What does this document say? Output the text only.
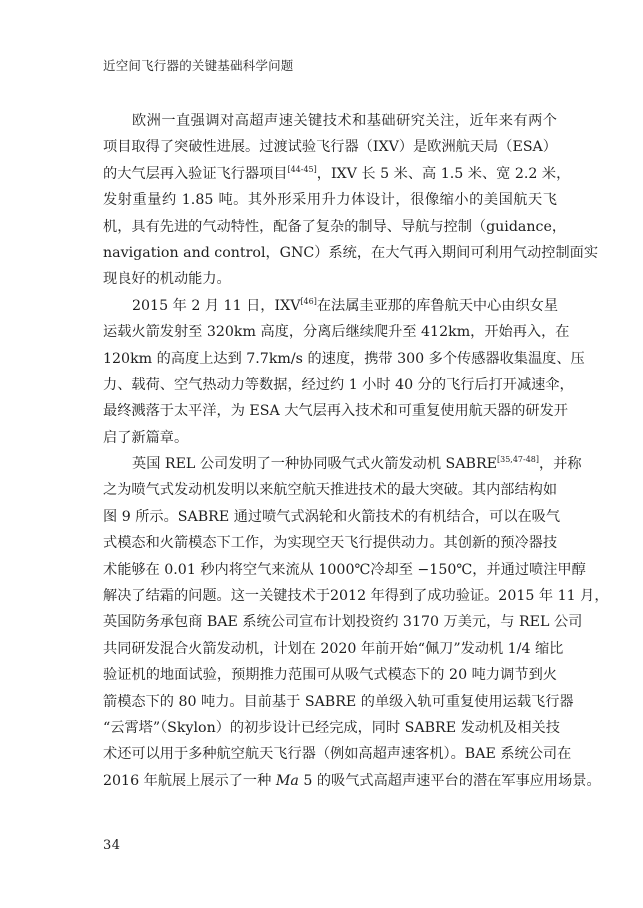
近空间飞行器的关键基础科学问题
欧洲一直强调对高超声速关键技术和基础研究关注，近年来有两个
项目取得了突破性进展。过渡试验飞行器（IXV）是欧洲航天局（ESA）
的大气层再入验证飞行器项目[44-45]，IXV 长 5 米、高 1.5 米、宽 2.2 米，
发射重量约 1.85 吨。其外形采用升力体设计，很像缩小的美国航天飞
机，具有先进的气动特性，配备了复杂的制导、导航与控制（guidance，
navigation and control，GNC）系统，在大气再入期间可利用气动控制面实
现良好的机动能力。
2015 年 2 月 11 日，IXV[46]在法属圭亚那的库鲁航天中心由织女星
运载火箭发射至 320km 高度，分离后继续爬升至 412km，开始再入，在
120km 的高度上达到 7.7km/s 的速度，携带 300 多个传感器收集温度、压
力、载荷、空气热动力等数据，经过约 1 小时 40 分的飞行后打开减速伞，
最终溅落于太平洋，为 ESA 大气层再入技术和可重复使用航天器的研发开
启了新篇章。
英国 REL 公司发明了一种协同吸气式火箭发动机 SABRE[35,47-48]，并称
之为喷气式发动机发明以来航空航天推进技术的最大突破。其内部结构如
图 9 所示。SABRE 通过喷气式涡轮和火箭技术的有机结合，可以在吸气
式模态和火箭模态下工作，为实现空天飞行提供动力。其创新的预冷器技
术能够在 0.01 秒内将空气来流从 1000℃冷却至 −150℃，并通过喷注甲醇
解决了结霜的问题。这一关键技术于2012 年得到了成功验证。2015 年 11 月，
英国防务承包商 BAE 系统公司宣布计划投资约 3170 万美元，与 REL 公司
共同研发混合火箭发动机，计划在 2020 年前开始“佩刀”发动机 1/4 缩比
验证机的地面试验，预期推力范围可从吸气式模态下的 20 吨力调节到火
箭模态下的 80 吨力。目前基于 SABRE 的单级入轨可重复使用运载飞行器
“云霄塔”（Skylon）的初步设计已经完成，同时 SABRE 发动机及相关技
术还可以用于多种航空航天飞行器（例如高超声速客机）。BAE 系统公司在
2016 年航展上展示了一种 Ma 5 的吸气式高超声速平台的潜在军事应用场景。
34
